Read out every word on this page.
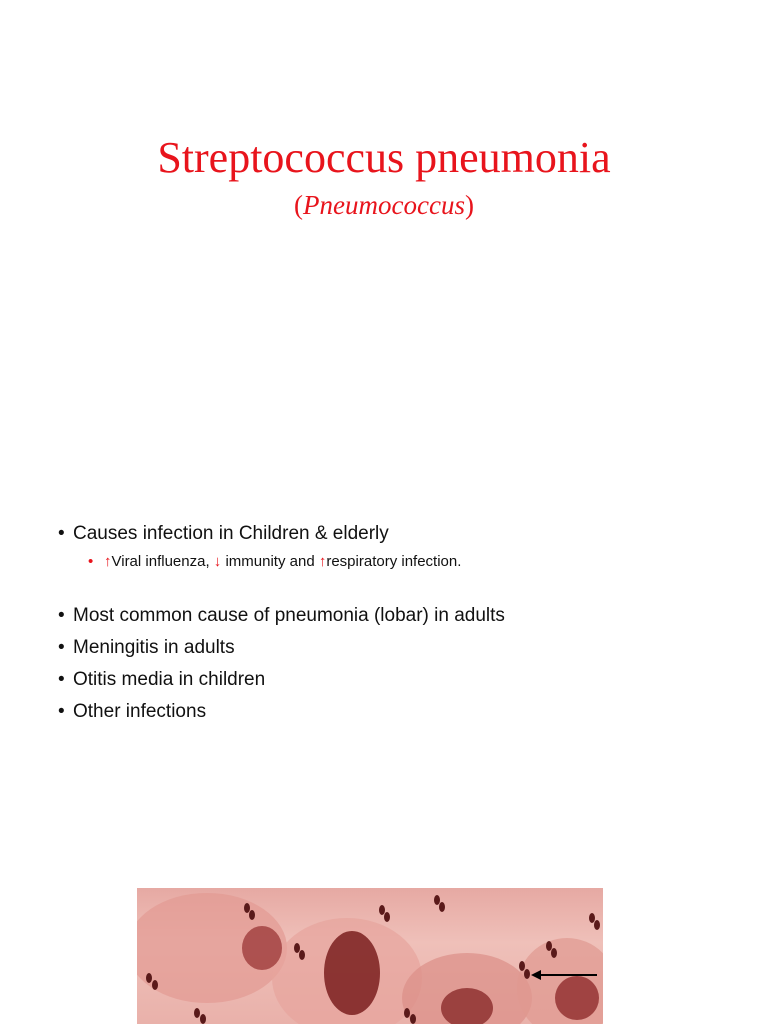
Streptococcus pneumonia

(Pneumococcus)

• Causes infection in Children & elderly
• ↑Viral influenza, ↓ immunity and ↑respiratory infection.
• Most common cause of pneumonia (lobar) in adults
• Meningitis in adults
• Otitis media in children
• Other infections
